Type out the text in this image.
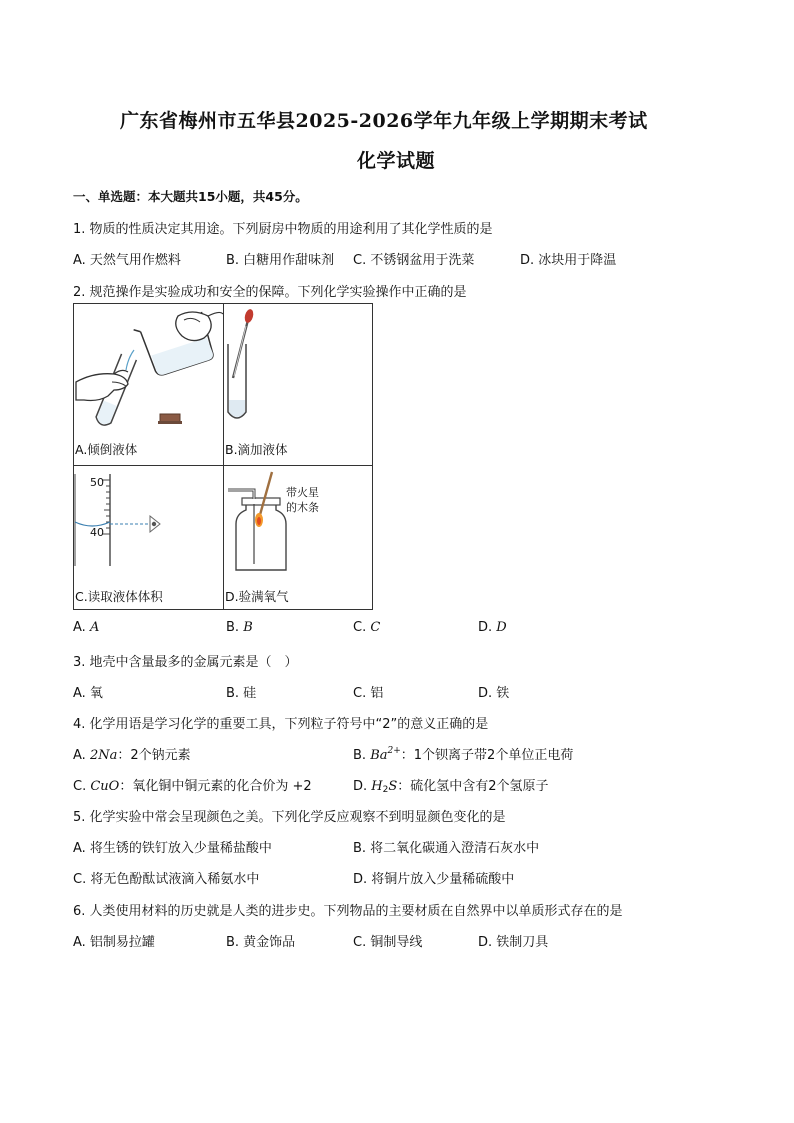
广东省梅州市五华县2025-2026学年九年级上学期期末考试
化学试题
一、单选题：本大题共15小题，共45分。
1. 物质的性质决定其用途。下列厨房中物质的用途利用了其化学性质的是
A. 天然气用作燃料	B. 白糖用作甜味剂 C. 不锈钢盆用于洗菜	D. 冰块用于降温
2. 规范操作是实验成功和安全的保障。下列化学实验操作中正确的是
A.倾倒液体	B.滴加液体
50
40
C.读取液体体积
带火星
的木条
D.验满氧气
A. A	B. B	C. C	D. D
3. 地壳中含量最多的金属元素是（　）
A. 氧	B. 硅	C. 铝	D. 铁
4. 化学用语是学习化学的重要工具，下列粒子符号中“2”的意义正确的是
A. 2Na：2个钠元素	B. $Ba^{2+}$：1个钡离子带2个单位正电荷
C. CuO：氧化铜中铜元素的化合价为 +2	D. $H_2S$：硫化氢中含有2个氢原子
5. 化学实验中常会呈现颜色之美。下列化学反应观察不到明显颜色变化的是
A. 将生锈的铁钉放入少量稀盐酸中	B. 将二氧化碳通入澄清石灰水中
C. 将无色酚酞试液滴入稀氨水中	D. 将铜片放入少量稀硫酸中
6. 人类使用材料的历史就是人类的进步史。下列物品的主要材质在自然界中以单质形式存在的是
A. 铝制易拉罐	B. 黄金饰品	C. 铜制导线	D. 铁制刀具
